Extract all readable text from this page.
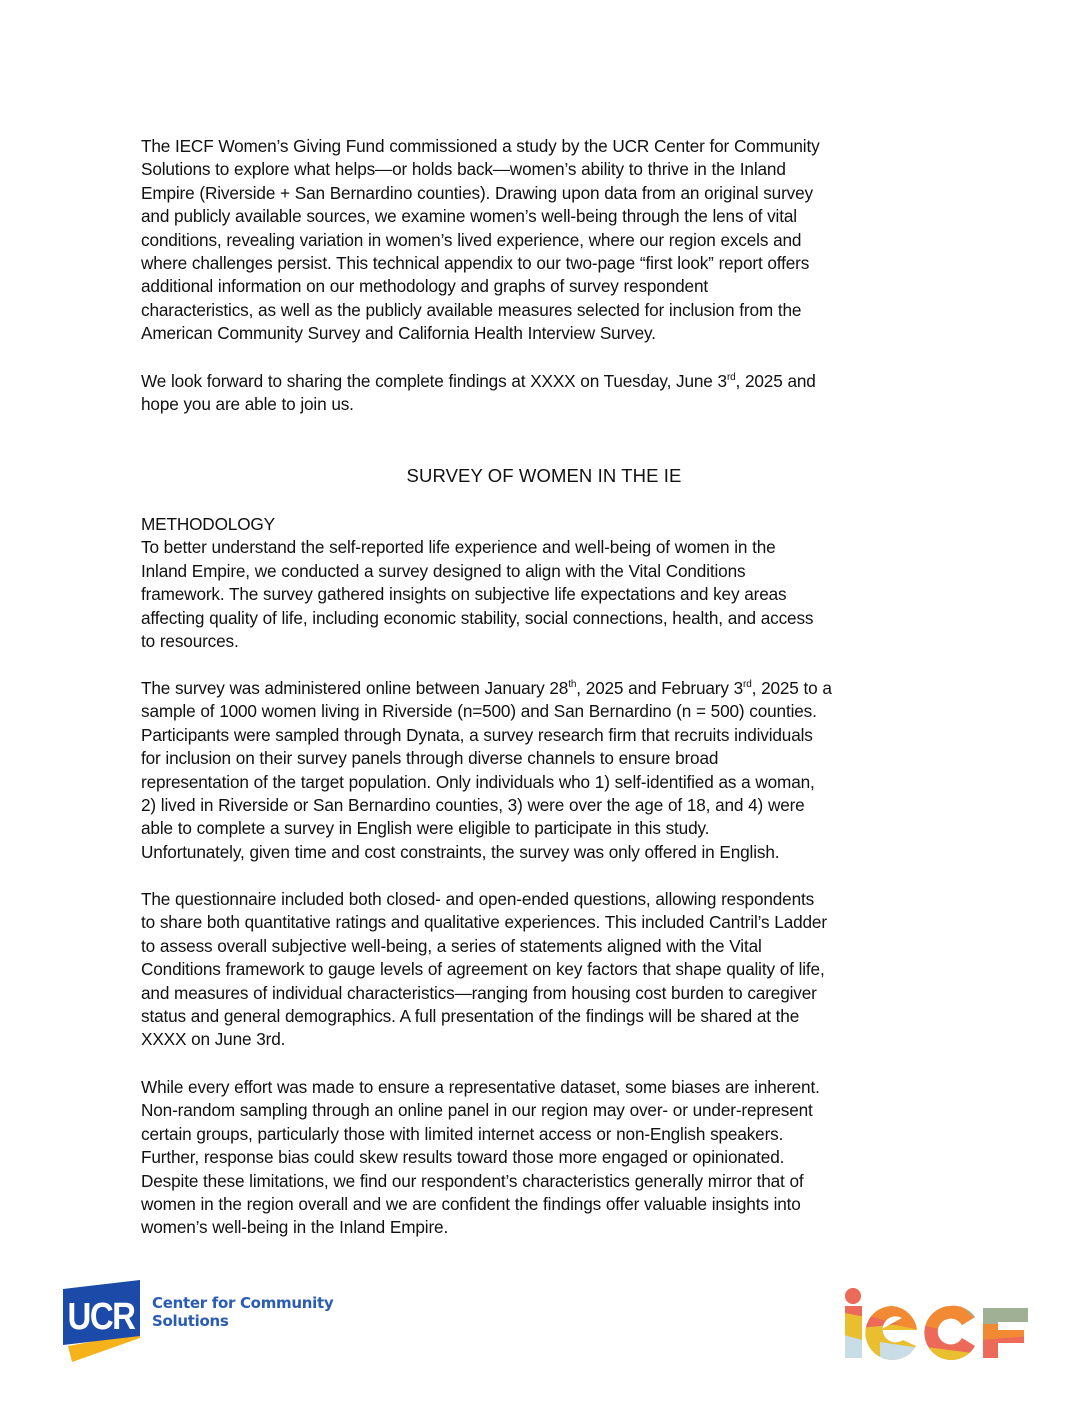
The IECF Women’s Giving Fund commissioned a study by the UCR Center for Community
Solutions to explore what helps—or holds back—women’s ability to thrive in the Inland
Empire (Riverside + San Bernardino counties). Drawing upon data from an original survey
and publicly available sources, we examine women’s well-being through the lens of vital
conditions, revealing variation in women’s lived experience, where our region excels and
where challenges persist. This technical appendix to our two-page “first look” report offers
additional information on our methodology and graphs of survey respondent
characteristics, as well as the publicly available measures selected for inclusion from the
American Community Survey and California Health Interview Survey.
We look forward to sharing the complete findings at XXXX on Tuesday, June 3rd, 2025 and
hope you are able to join us.
SURVEY OF WOMEN IN THE IE
METHODOLOGY
To better understand the self-reported life experience and well-being of women in the
Inland Empire, we conducted a survey designed to align with the Vital Conditions
framework. The survey gathered insights on subjective life expectations and key areas
affecting quality of life, including economic stability, social connections, health, and access
to resources.
The survey was administered online between January 28th, 2025 and February 3rd, 2025 to a
sample of 1000 women living in Riverside (n=500) and San Bernardino (n = 500) counties.
Participants were sampled through Dynata, a survey research firm that recruits individuals
for inclusion on their survey panels through diverse channels to ensure broad
representation of the target population. Only individuals who 1) self-identified as a woman,
2) lived in Riverside or San Bernardino counties, 3) were over the age of 18, and 4) were
able to complete a survey in English were eligible to participate in this study.
Unfortunately, given time and cost constraints, the survey was only offered in English.
The questionnaire included both closed- and open-ended questions, allowing respondents
to share both quantitative ratings and qualitative experiences. This included Cantril’s Ladder
to assess overall subjective well-being, a series of statements aligned with the Vital
Conditions framework to gauge levels of agreement on key factors that shape quality of life,
and measures of individual characteristics—ranging from housing cost burden to caregiver
status and general demographics. A full presentation of the findings will be shared at the
XXXX on June 3rd.
While every effort was made to ensure a representative dataset, some biases are inherent.
Non-random sampling through an online panel in our region may over- or under-represent
certain groups, particularly those with limited internet access or non-English speakers.
Further, response bias could skew results toward those more engaged or opinionated.
Despite these limitations, we find our respondent’s characteristics generally mirror that of
women in the region overall and we are confident the findings offer valuable insights into
women’s well-being in the Inland Empire.
UCR Center for Community
Solutions
